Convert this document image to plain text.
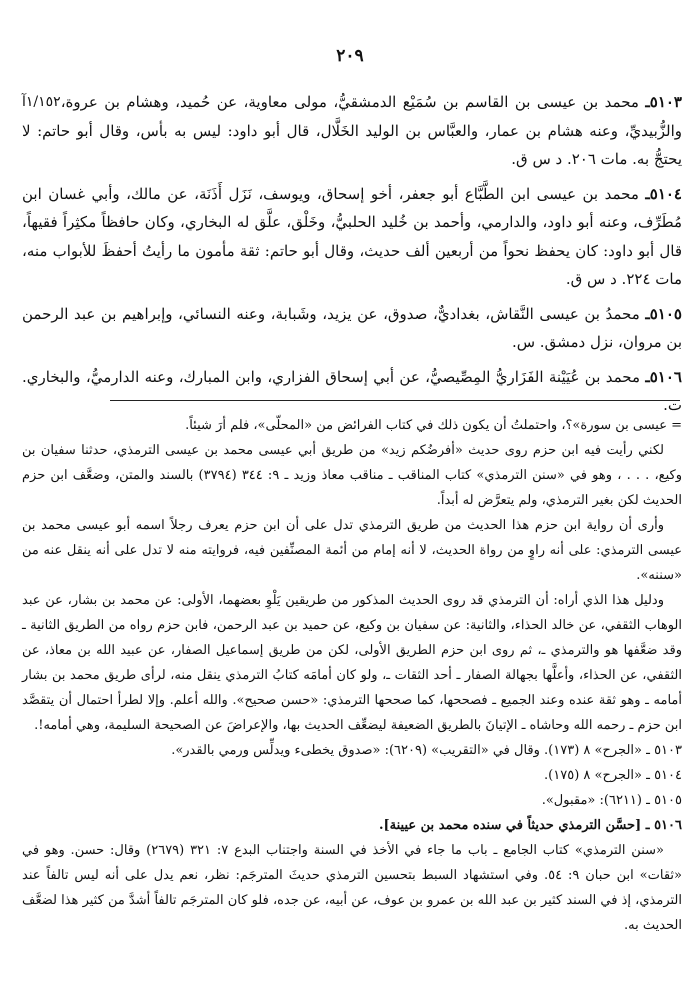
٢٠٩

١/١٥٢آ	٥١٠٣ـ محمد بن عيسى بن القاسم بن سُمَيْع الدمشقيُّ، مولى معاوية، عن حُميد، وهشام بن عروة، والزُّبيديِّ، وعنه هشام بن عمار، والعبَّاس بن الوليد الخَلَّال، قال أبو داود: ليس به بأس، وقال أبو حاتم: لا يحتجُّ به. مات ٢٠٦. د س ق.

٥١٠٤ـ محمد بن عيسى ابن الطَّبَّاع أبو جعفر، أخو إسحاق، ويوسف، نَزَل أَذَنَة، عن مالك، وأبي غسان ابن مُطَرِّف، وعنه أبو داود، والدارمي، وأحمد بن خُليد الحلبيُّ، وخَلْق، علَّق له البخاري، وكان حافظاً مكثِراً فقيهاً، قال أبو داود: كان يحفظ نحواً من أربعين ألف حديث، وقال أبو حاتم: ثقة مأمون ما رأيتُ أحفظَ للأبواب منه، مات ٢٢٤. د س ق.

٥١٠٥ـ محمدُ بن عيسى النَّقاش، بغداديٌّ، صدوق، عن يزيد، وشَبابة، وعنه النسائي، وإبراهيم بن عبد الرحمن بن مروان، نزل دمشق. س.

٥١٠٦ـ محمد بن عُيَيْنة الفَزَاريُّ المِصِّيصيُّ، عن أبي إسحاق الفزاري، وابن المبارك، وعنه الدارميُّ، والبخاري. ت.

= عيسى بن سورة»؟، واحتملتُ أن يكون ذلك في كتاب الفرائض من «المحلّى»، فلم أرَ شيئاً.

لكني رأيت فيه ابن حزم روى حديث «أفرضُكم زيد» من طريق أبي عيسى محمد بن عيسى الترمذي، حدثنا سفيان بن وكيع، . . . ، وهو في «سنن الترمذي» كتاب المناقب ـ مناقب معاذ وزيد ـ ٩: ٣٤٤ (٣٧٩٤) بالسند والمتن، وضعَّف ابن حزم الحديث لكن بغير الترمذي، ولم يتعرَّض له أبداً.

وأرى أن رواية ابن حزم هذا الحديث من طريق الترمذي تدل على أن ابن حزم يعرف رجلاً اسمه أبو عيسى محمد بن عيسى الترمذي: على أنه راوٍ من رواة الحديث، لا أنه إمام من أئمة المصنِّفين فيه، فروايته منه لا تدل على أنه ينقل عنه من «سننه».

ودليل هذا الذي أراه: أن الترمذي قد روى الحديث المذكور من طريقين يَلْوِ بعضهما، الأولى: عن محمد بن بشار، عن عبد الوهاب الثقفي، عن خالد الحذاء، والثانية: عن سفيان بن وكيع، عن حميد بن عبد الرحمن، فابن حزم رواه من الطريق الثانية ـ وقد ضعَّفها هو والترمذي ـ، ثم روى ابن حزم الطريق الأولى، لكن من طريق إسماعيل الصفار، عن عبيد الله بن معاذ، عن الثقفي، عن الحذاء، وأعلَّها بجهالة الصفار ـ أحد الثقات ـ، ولو كان أمامَه كتابُ الترمذي ينقل منه، لرأى طريق محمد بن بشار أمامه ـ وهو ثقة عنده وعند الجميع ـ فصححها، كما صححها الترمذي: «حسن صحيح». والله أعلم. وإلا لطرأ احتمال أن يتقصَّد ابن حزم ـ رحمه الله وحاشاه ـ الإتيانَ بالطريق الضعيفة ليضعِّف الحديث بها، والإعراضَ عن الصحيحة السليمة، وهي أمامه!.

٥١٠٣ ـ «الجرح» ٨ (١٧٣). وقال في «التقريب» (٦٢٠٩): «صدوق يخطىء ويدلِّس ورمي بالقدر».

٥١٠٤ ـ «الجرح» ٨ (١٧٥).

٥١٠٥ ـ (٦٢١١): «مقبول».

٥١٠٦ ـ [حسَّن الترمذي حديثاً في سنده محمد بن عيينة].

«سنن الترمذي» كتاب الجامع ـ باب ما جاء في الأخذ في السنة واجتناب البدع ٧: ٣٢١ (٢٦٧٩) وقال: حسن. وهو في «ثقات» ابن حبان ٩: ٥٤. وفي استشهاد السبط بتحسين الترمذي حديثَ المترجَم: نظر، نعم يدل على أنه ليس تالفاً عند الترمذي، إذ في السند كثير بن عبد الله بن عمرو بن عوف، عن أبيه، عن جده، فلو كان المترجَم تالفاً أشدَّ من كثير هذا لضعَّف الحديث به.
